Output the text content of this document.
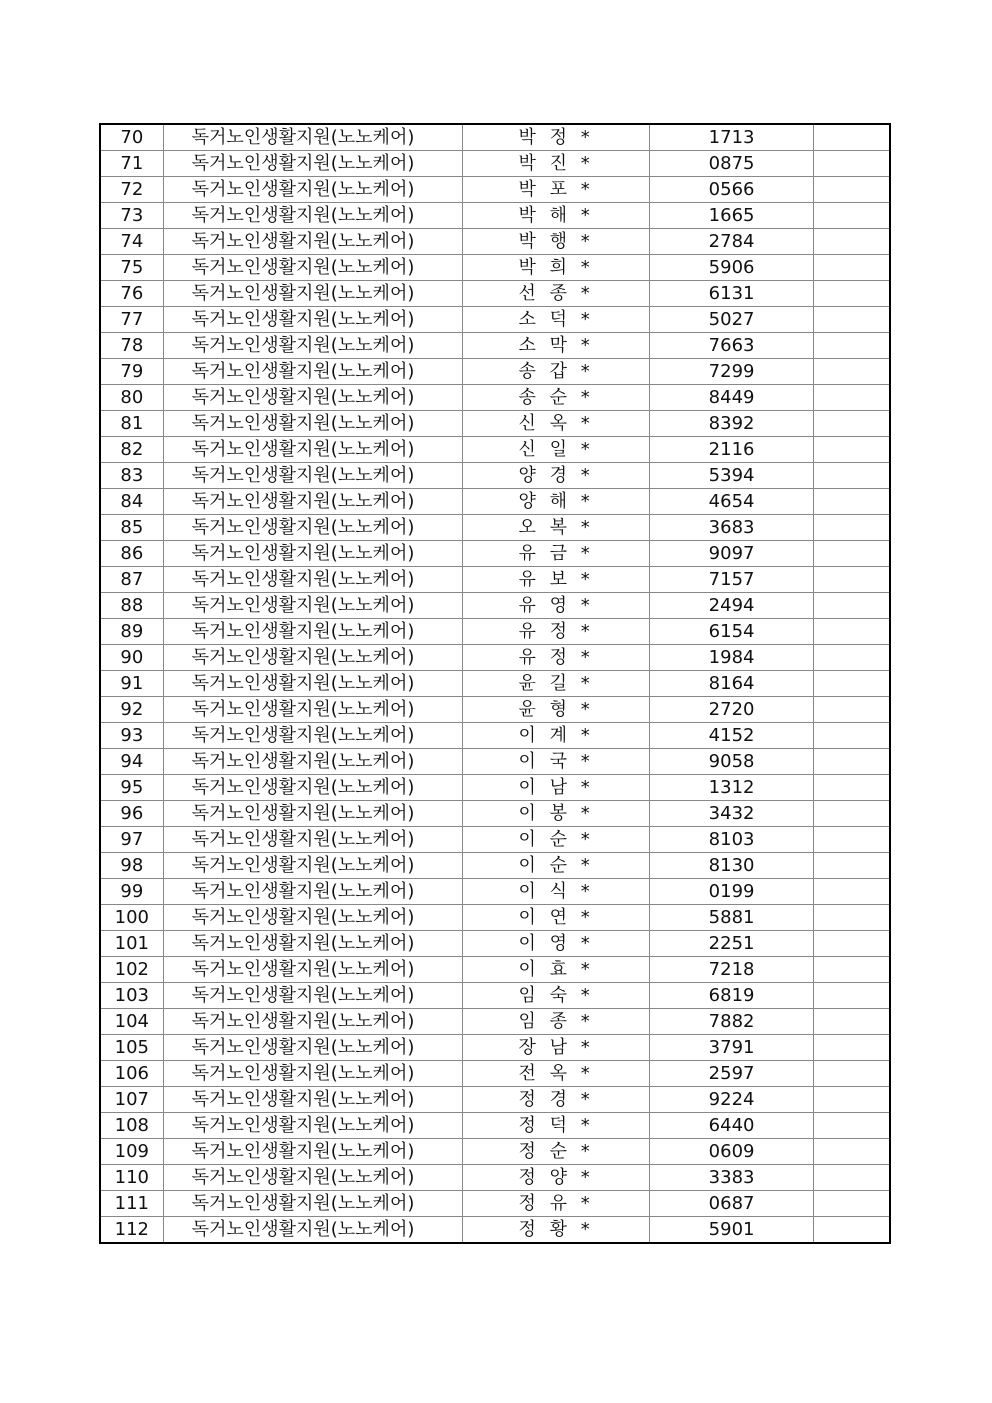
70	독거노인생활지원(노노케어)	박 정 *	1713	
71	독거노인생활지원(노노케어)	박 진 *	0875	
72	독거노인생활지원(노노케어)	박 포 *	0566	
73	독거노인생활지원(노노케어)	박 해 *	1665	
74	독거노인생활지원(노노케어)	박 행 *	2784	
75	독거노인생활지원(노노케어)	박 희 *	5906	
76	독거노인생활지원(노노케어)	선 종 *	6131	
77	독거노인생활지원(노노케어)	소 덕 *	5027	
78	독거노인생활지원(노노케어)	소 막 *	7663	
79	독거노인생활지원(노노케어)	송 갑 *	7299	
80	독거노인생활지원(노노케어)	송 순 *	8449	
81	독거노인생활지원(노노케어)	신 옥 *	8392	
82	독거노인생활지원(노노케어)	신 일 *	2116	
83	독거노인생활지원(노노케어)	양 경 *	5394	
84	독거노인생활지원(노노케어)	양 해 *	4654	
85	독거노인생활지원(노노케어)	오 복 *	3683	
86	독거노인생활지원(노노케어)	유 금 *	9097	
87	독거노인생활지원(노노케어)	유 보 *	7157	
88	독거노인생활지원(노노케어)	유 영 *	2494	
89	독거노인생활지원(노노케어)	유 정 *	6154	
90	독거노인생활지원(노노케어)	유 정 *	1984	
91	독거노인생활지원(노노케어)	윤 길 *	8164	
92	독거노인생활지원(노노케어)	윤 형 *	2720	
93	독거노인생활지원(노노케어)	이 계 *	4152	
94	독거노인생활지원(노노케어)	이 국 *	9058	
95	독거노인생활지원(노노케어)	이 남 *	1312	
96	독거노인생활지원(노노케어)	이 봉 *	3432	
97	독거노인생활지원(노노케어)	이 순 *	8103	
98	독거노인생활지원(노노케어)	이 순 *	8130	
99	독거노인생활지원(노노케어)	이 식 *	0199	
100	독거노인생활지원(노노케어)	이 연 *	5881	
101	독거노인생활지원(노노케어)	이 영 *	2251	
102	독거노인생활지원(노노케어)	이 효 *	7218	
103	독거노인생활지원(노노케어)	임 숙 *	6819	
104	독거노인생활지원(노노케어)	임 종 *	7882	
105	독거노인생활지원(노노케어)	장 남 *	3791	
106	독거노인생활지원(노노케어)	전 옥 *	2597	
107	독거노인생활지원(노노케어)	정 경 *	9224	
108	독거노인생활지원(노노케어)	정 덕 *	6440	
109	독거노인생활지원(노노케어)	정 순 *	0609	
110	독거노인생활지원(노노케어)	정 양 *	3383	
111	독거노인생활지원(노노케어)	정 유 *	0687	
112	독거노인생활지원(노노케어)	정 황 *	5901	
